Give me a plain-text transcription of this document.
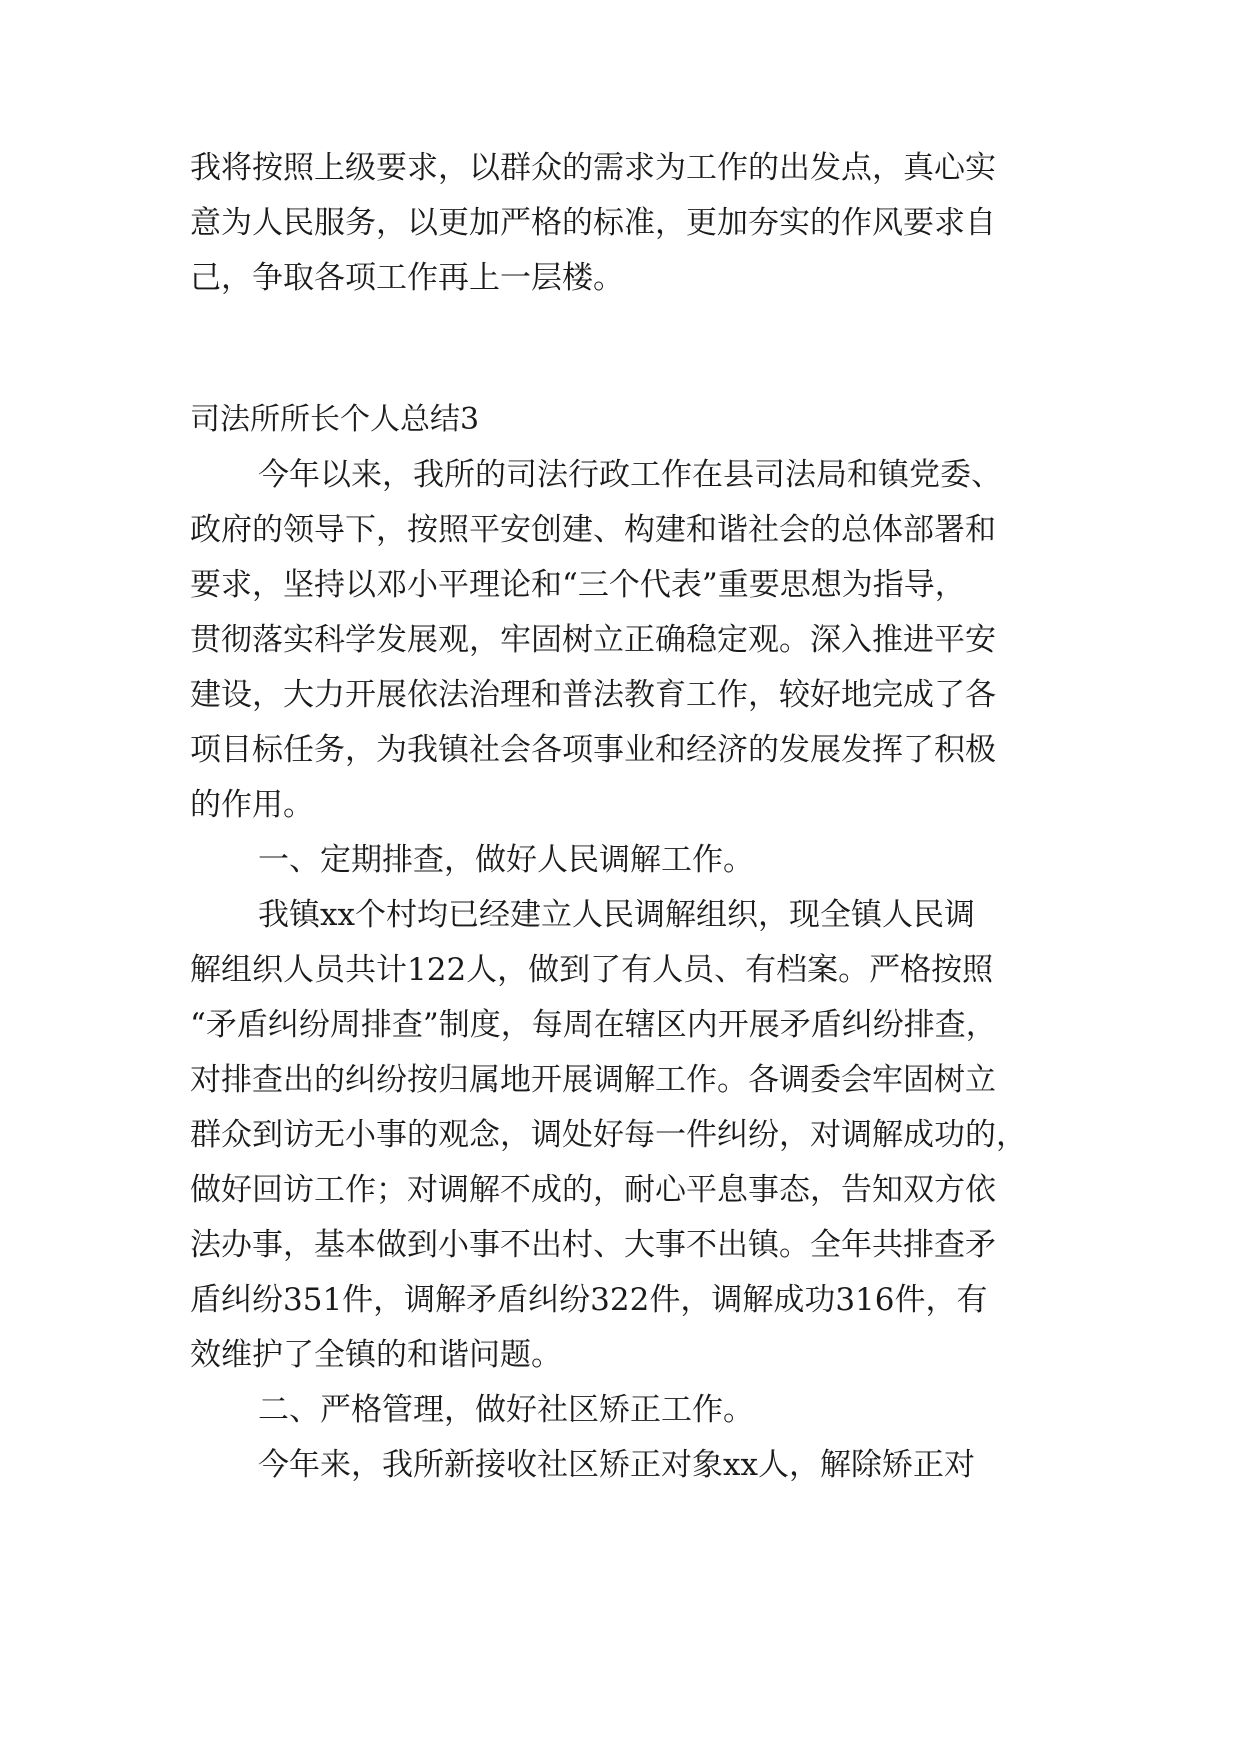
我将按照上级要求，以群众的需求为工作的出发点，真心实
意为人民服务，以更加严格的标准，更加夯实的作风要求自
己，争取各项工作再上一层楼。
司法所所长个人总结3
今年以来，我所的司法行政工作在县司法局和镇党委、
政府的领导下，按照平安创建、构建和谐社会的总体部署和
要求，坚持以邓小平理论和“三个代表”重要思想为指导，
贯彻落实科学发展观，牢固树立正确稳定观。深入推进平安
建设，大力开展依法治理和普法教育工作，较好地完成了各
项目标任务，为我镇社会各项事业和经济的发展发挥了积极
的作用。
一、定期排查，做好人民调解工作。
我镇xx个村均已经建立人民调解组织，现全镇人民调
解组织人员共计122人，做到了有人员、有档案。严格按照
“矛盾纠纷周排查”制度，每周在辖区内开展矛盾纠纷排查，
对排查出的纠纷按归属地开展调解工作。各调委会牢固树立
群众到访无小事的观念，调处好每一件纠纷，对调解成功的，
做好回访工作；对调解不成的，耐心平息事态，告知双方依
法办事，基本做到小事不出村、大事不出镇。全年共排查矛
盾纠纷351件，调解矛盾纠纷322件，调解成功316件，有
效维护了全镇的和谐问题。
二、严格管理，做好社区矫正工作。
今年来，我所新接收社区矫正对象xx人，解除矫正对
